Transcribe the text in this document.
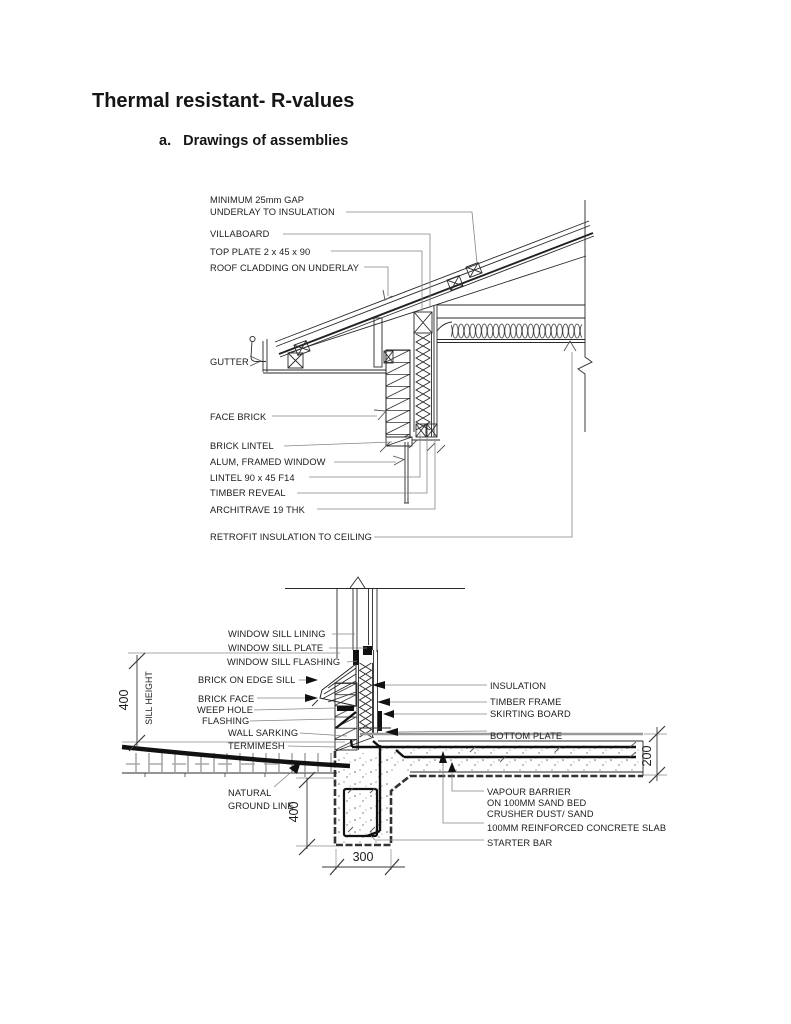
Thermal resistant- R-values
a. Drawings of assemblies
MINIMUM 25mm GAP
UNDERLAY TO INSULATION
VILLABOARD
TOP PLATE 2 x 45 x 90
ROOF CLADDING ON UNDERLAY
GUTTER
FACE BRICK
BRICK LINTEL
ALUM, FRAMED WINDOW
LINTEL 90 x 45 F14
TIMBER REVEAL
ARCHITRAVE 19 THK
RETROFIT INSULATION TO CEILING
400 SILL HEIGHT
200
400
300
WINDOW SILL LINING
WINDOW SILL PLATE
WINDOW SILL FLASHING
BRICK ON EDGE SILL
BRICK FACE
WEEP HOLE
FLASHING
WALL SARKING
TERMIMESH
INSULATION
TIMBER FRAME
SKIRTING BOARD
BOTTOM PLATE
NATURAL
GROUND LINE
VAPOUR BARRIER
ON 100MM SAND BED
CRUSHER DUST/ SAND
100MM REINFORCED CONCRETE SLAB
STARTER BAR
